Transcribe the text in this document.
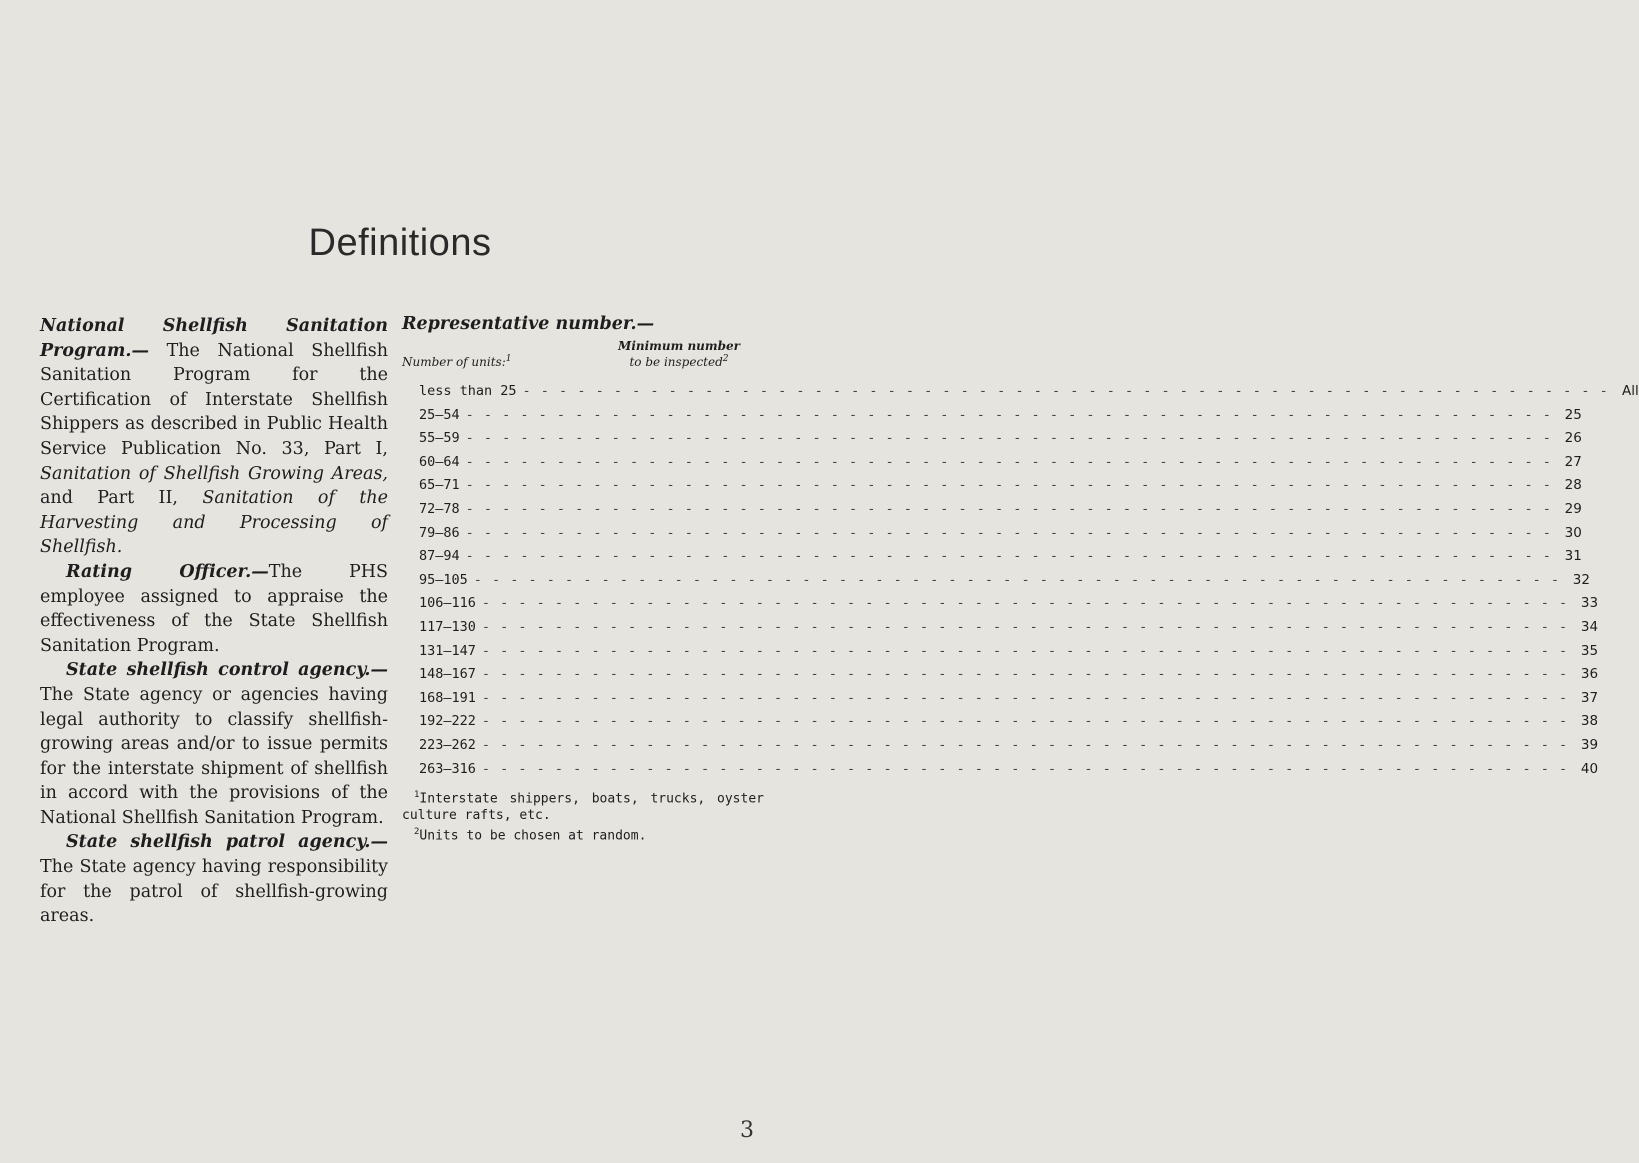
Definitions

National Shellfish Sanitation Program.— The National Shellfish Sanitation Program for the Certification of Interstate Shellfish Shippers as described in Public Health Service Publication No. 33, Part I, Sanitation of Shellfish Growing Areas, and Part II, Sanitation of the Harvesting and Processing of Shellfish.

Rating Officer.—The PHS employee assigned to appraise the effectiveness of the State Shellfish Sanitation Program.

State shellfish control agency.—The State agency or agencies having legal authority to classify shellfish-growing areas and/or to issue permits for the interstate shipment of shellfish in accord with the provisions of the National Shellfish Sanitation Program.

State shellfish patrol agency.—The State agency having responsibility for the patrol of shellfish-growing areas.

Representative number.—
Number of units:$^1$
Minimum number
to be inspected$^2$
less than 25 - - - - - - - - - - - - - - - - - - - - - - - - - - - - - - - - - - - - - - - - - - - - - - - - - - - - - - - - - - - - All
25–54 - - - - - - - - - - - - - - - - - - - - - - - - - - - - - - - - - - - - - - - - - - - - - - - - - - - - - - - - - - - - 25
55–59 - - - - - - - - - - - - - - - - - - - - - - - - - - - - - - - - - - - - - - - - - - - - - - - - - - - - - - - - - - - - 26
60–64 - - - - - - - - - - - - - - - - - - - - - - - - - - - - - - - - - - - - - - - - - - - - - - - - - - - - - - - - - - - - 27
65–71 - - - - - - - - - - - - - - - - - - - - - - - - - - - - - - - - - - - - - - - - - - - - - - - - - - - - - - - - - - - - 28
72–78 - - - - - - - - - - - - - - - - - - - - - - - - - - - - - - - - - - - - - - - - - - - - - - - - - - - - - - - - - - - - 29
79–86 - - - - - - - - - - - - - - - - - - - - - - - - - - - - - - - - - - - - - - - - - - - - - - - - - - - - - - - - - - - - 30
87–94 - - - - - - - - - - - - - - - - - - - - - - - - - - - - - - - - - - - - - - - - - - - - - - - - - - - - - - - - - - - - 31
95–105 - - - - - - - - - - - - - - - - - - - - - - - - - - - - - - - - - - - - - - - - - - - - - - - - - - - - - - - - - - - - 32
106–116 - - - - - - - - - - - - - - - - - - - - - - - - - - - - - - - - - - - - - - - - - - - - - - - - - - - - - - - - - - - - 33
117–130 - - - - - - - - - - - - - - - - - - - - - - - - - - - - - - - - - - - - - - - - - - - - - - - - - - - - - - - - - - - - 34
131–147 - - - - - - - - - - - - - - - - - - - - - - - - - - - - - - - - - - - - - - - - - - - - - - - - - - - - - - - - - - - - 35
148–167 - - - - - - - - - - - - - - - - - - - - - - - - - - - - - - - - - - - - - - - - - - - - - - - - - - - - - - - - - - - - 36
168–191 - - - - - - - - - - - - - - - - - - - - - - - - - - - - - - - - - - - - - - - - - - - - - - - - - - - - - - - - - - - - 37
192–222 - - - - - - - - - - - - - - - - - - - - - - - - - - - - - - - - - - - - - - - - - - - - - - - - - - - - - - - - - - - - 38
223–262 - - - - - - - - - - - - - - - - - - - - - - - - - - - - - - - - - - - - - - - - - - - - - - - - - - - - - - - - - - - - 39
263–316 - - - - - - - - - - - - - - - - - - - - - - - - - - - - - - - - - - - - - - - - - - - - - - - - - - - - - - - - - - - - 40

$^1$Interstate shippers, boats, trucks, oyster culture rafts, etc.

$^2$Units to be chosen at random.

3
